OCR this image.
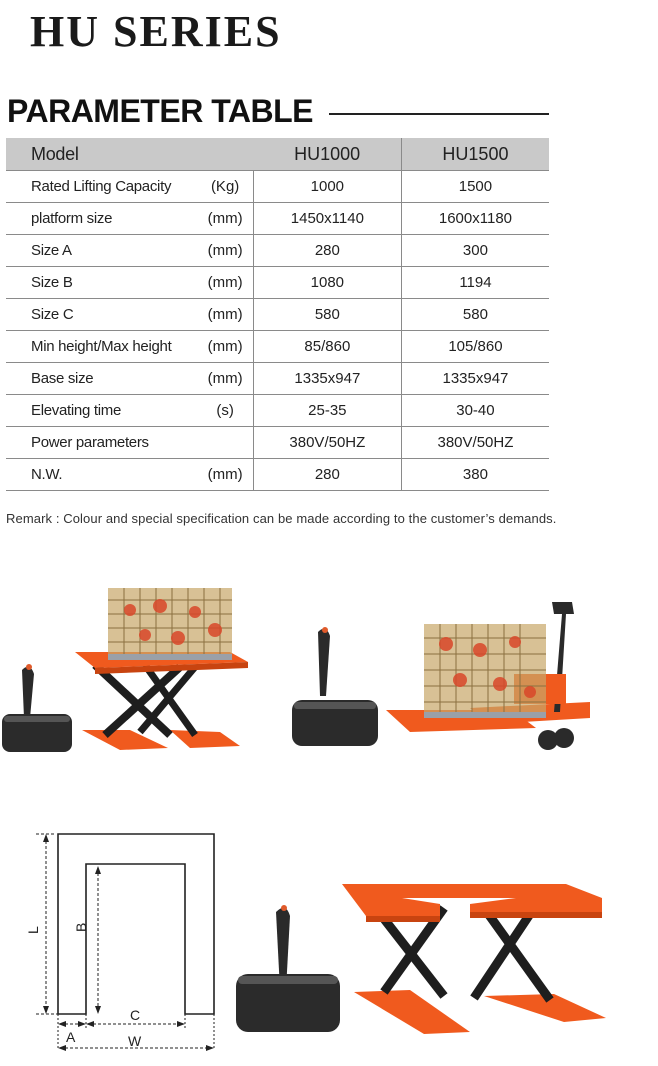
HU SERIES
PARAMETER TABLE
Model		HU1000	HU1500
Rated Lifting Capacity	(Kg)	1000	1500
platform size	(mm)	1450x1140	1600x1180
Size A	(mm)	280	300
Size B	(mm)	1080	1194
Size C	(mm)	580	580
Min height/Max height	(mm)	85/860	105/860
Base size	(mm)	1335x947	1335x947
Elevating time	(s)	25-35	30-40
Power parameters		380V/50HZ	380V/50HZ
N.W.	(mm)	280	380
Remark : Colour and special specification can be made according to the customer’s demands.
L B
C
A	W
